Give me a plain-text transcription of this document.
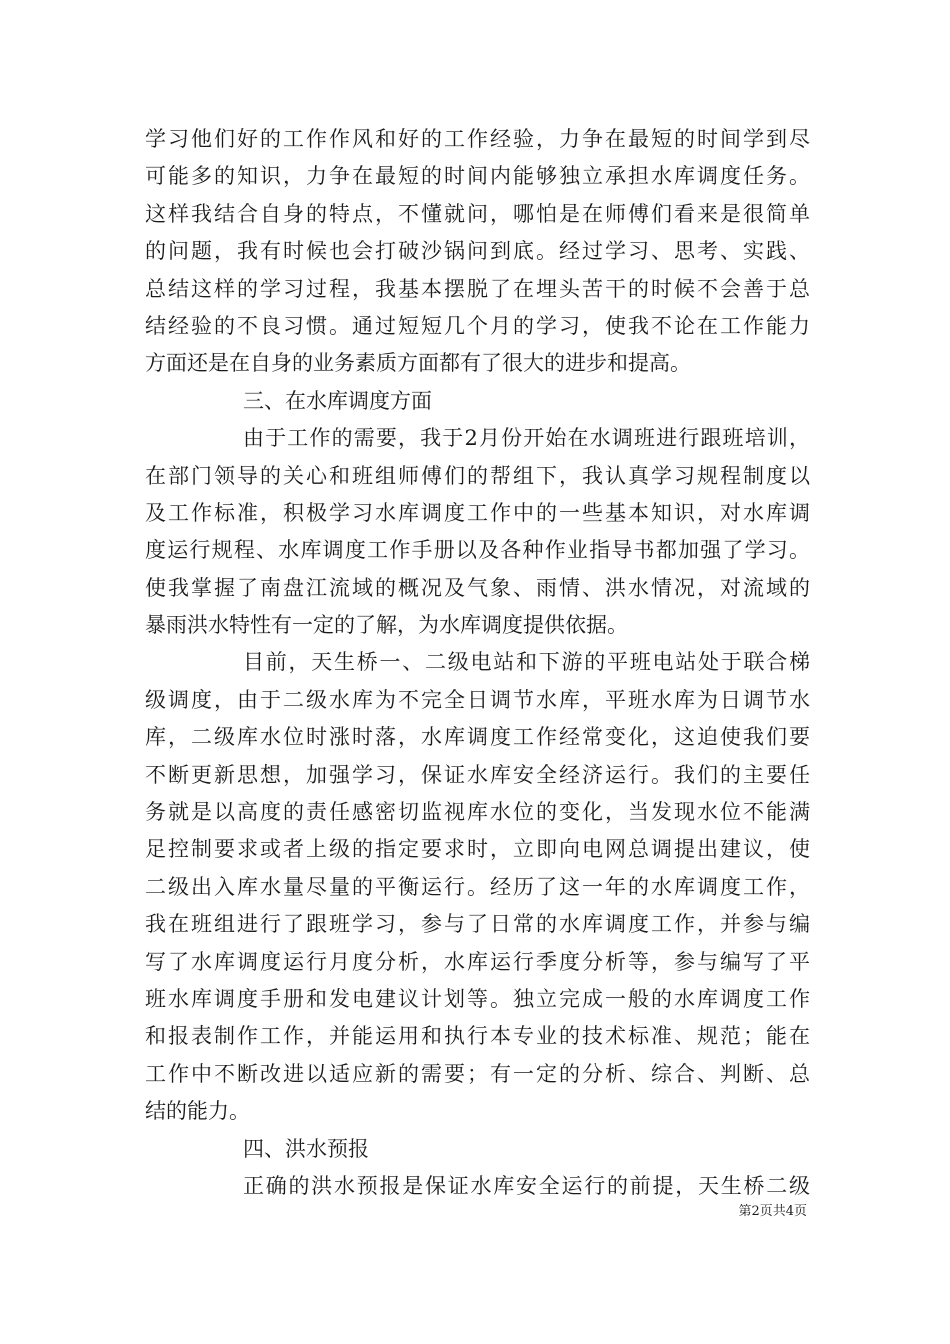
学习他们好的工作作风和好的工作经验，力争在最短的时间学到尽
可能多的知识，力争在最短的时间内能够独立承担水库调度任务。
这样我结合自身的特点，不懂就问，哪怕是在师傅们看来是很简单
的问题，我有时候也会打破沙锅问到底。经过学习、思考、实践、
总结这样的学习过程，我基本摆脱了在埋头苦干的时候不会善于总
结经验的不良习惯。通过短短几个月的学习，使我不论在工作能力
方面还是在自身的业务素质方面都有了很大的进步和提高。
三、在水库调度方面
由于工作的需要，我于2月份开始在水调班进行跟班培训，
在部门领导的关心和班组师傅们的帮组下，我认真学习规程制度以
及工作标准，积极学习水库调度工作中的一些基本知识，对水库调
度运行规程、水库调度工作手册以及各种作业指导书都加强了学习。
使我掌握了南盘江流域的概况及气象、雨情、洪水情况，对流域的
暴雨洪水特性有一定的了解，为水库调度提供依据。
目前，天生桥一、二级电站和下游的平班电站处于联合梯
级调度，由于二级水库为不完全日调节水库，平班水库为日调节水
库，二级库水位时涨时落，水库调度工作经常变化，这迫使我们要
不断更新思想，加强学习，保证水库安全经济运行。我们的主要任
务就是以高度的责任感密切监视库水位的变化，当发现水位不能满
足控制要求或者上级的指定要求时，立即向电网总调提出建议，使
二级出入库水量尽量的平衡运行。经历了这一年的水库调度工作，
我在班组进行了跟班学习，参与了日常的水库调度工作，并参与编
写了水库调度运行月度分析，水库运行季度分析等，参与编写了平
班水库调度手册和发电建议计划等。独立完成一般的水库调度工作
和报表制作工作，并能运用和执行本专业的技术标准、规范；能在
工作中不断改进以适应新的需要；有一定的分析、综合、判断、总
结的能力。
四、洪水预报
正确的洪水预报是保证水库安全运行的前提，天生桥二级
第2页共4页
